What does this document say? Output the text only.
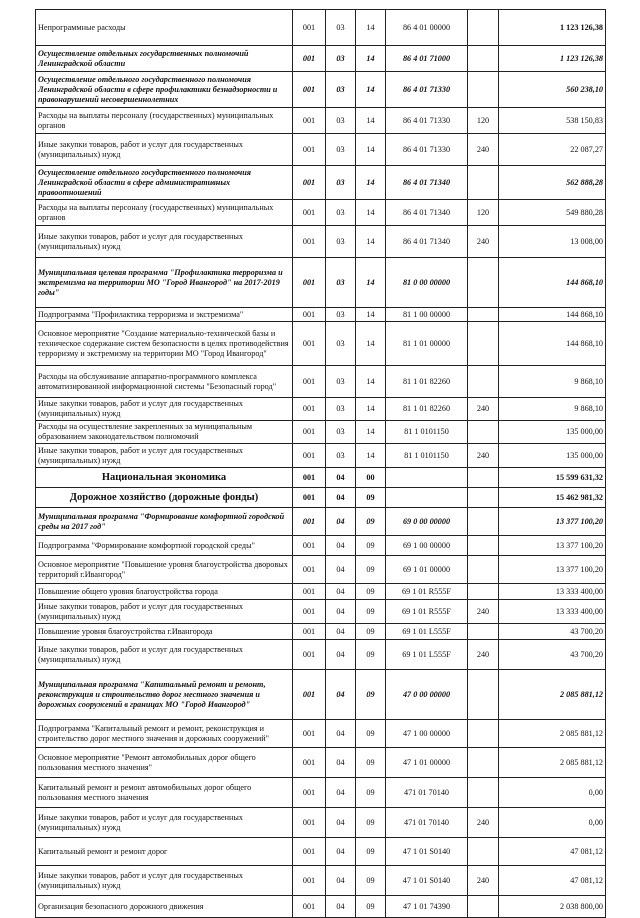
Непрограммные расходы	001	03	14	86 4 01 00000		1 123 126,38
Осуществление отдельных государственных полномочий Ленинградской области	001	03	14	86 4 01 71000		1 123 126,38
Осуществление отдельного государственного полномочия Ленинградской области в сфере профилактики безнадзорности и правонарушений несовершеннолетних	001	03	14	86 4 01 71330		560 238,10
Расходы на выплаты персоналу (государственных) муниципальных органов	001	03	14	86 4 01 71330	120	538 150,83
Иные закупки товаров, работ и услуг для государственных (муниципальных) нужд	001	03	14	86 4 01 71330	240	22 087,27
Осуществление отдельного государственного полномочия Ленинградской области в сфере административных правоотношений	001	03	14	86 4 01 71340		562 888,28
Расходы на выплаты персоналу (государственных) муниципальных органов	001	03	14	86 4 01 71340	120	549 880,28
Иные закупки товаров, работ и услуг для государственных (муниципальных) нужд	001	03	14	86 4 01 71340	240	13 008,00
Муниципальная целевая программа "Профилактика терроризма и экстремизма на территории МО "Город Ивангород" на 2017-2019 годы"	001	03	14	81 0 00 00000		144 868,10
Подпрограмма "Профилактика терроризма и экстремизма"	001	03	14	81 1 00 00000		144 868,10
Основное мероприятие "Создание материально-технической базы и техническое содержание систем безопасности в целях противодействия терроризму и экстремизму на территории МО "Город Ивангород"	001	03	14	81 1 01 00000		144 868,10
Расходы на обслуживание аппаратно-программного комплекса автоматизированной информационной системы "Безопасный город"	001	03	14	81 1 01 82260		9 868,10
Иные закупки товаров, работ и услуг для государственных (муниципальных) нужд	001	03	14	81 1 01 82260	240	9 868,10
Расходы на осуществление закрепленных за муниципальным образованием законодательством полномочий	001	03	14	81 1 0101150		135 000,00
Иные закупки товаров, работ и услуг для государственных (муниципальных) нужд	001	03	14	81 1 0101150	240	135 000,00
Национальная экономика	001	04	00			15 599 631,32
Дорожное хозяйство (дорожные фонды)	001	04	09			15 462 981,32
Муниципальная программа "Формирование комфортной городской среды на 2017 год"	001	04	09	69 0 00 00000		13 377 100,20
Подпрограмма "Формирование комфортной городской среды"	001	04	09	69 1 00 00000		13 377 100,20
Основное мероприятие "Повышение уровня благоустройства дворовых территорий г.Ивангород"	001	04	09	69 1 01 00000		13 377 100,20
Повышение общего уровня благоустройства города	001	04	09	69 1 01 R555F		13 333 400,00
Иные закупки товаров, работ и услуг для государственных (муниципальных) нужд	001	04	09	69 1 01 R555F	240	13 333 400,00
Повышение уровня благоустройства г.Ивангорода	001	04	09	69 1 01 L555F		43 700,20
Иные закупки товаров, работ и услуг для государственных (муниципальных) нужд	001	04	09	69 1 01 L555F	240	43 700,20
Муниципальная программа "Капитальный ремонт и ремонт, реконструкция и строительство дорог местного значения и дорожных сооружений в границах МО "Город Ивангород"	001	04	09	47 0 00 00000		2 085 881,12
Подпрограмма "Капитальный ремонт и ремонт, реконструкция и строительство дорог местного значения и дорожных сооружений"	001	04	09	47 1 00 00000		2 085 881,12
Основное мероприятие "Ремонт автомобильных дорог общего пользования местного значения"	001	04	09	47 1 01 00000		2 085 881,12
Капитальный ремонт и ремонт автомобильных дорог общего пользования местного значения	001	04	09	471 01 70140		0,00
Иные закупки товаров, работ и услуг для государственных (муниципальных) нужд	001	04	09	471 01 70140	240	0,00
Капитальный ремонт и ремонт дорог	001	04	09	47 1 01 S0140		47 081,12
Иные закупки товаров, работ и услуг для государственных (муниципальных) нужд	001	04	09	47 1 01 S0140	240	47 081,12
Организация безопасного дорожного движения	001	04	09	47 1 01 74390		2 038 800,00
